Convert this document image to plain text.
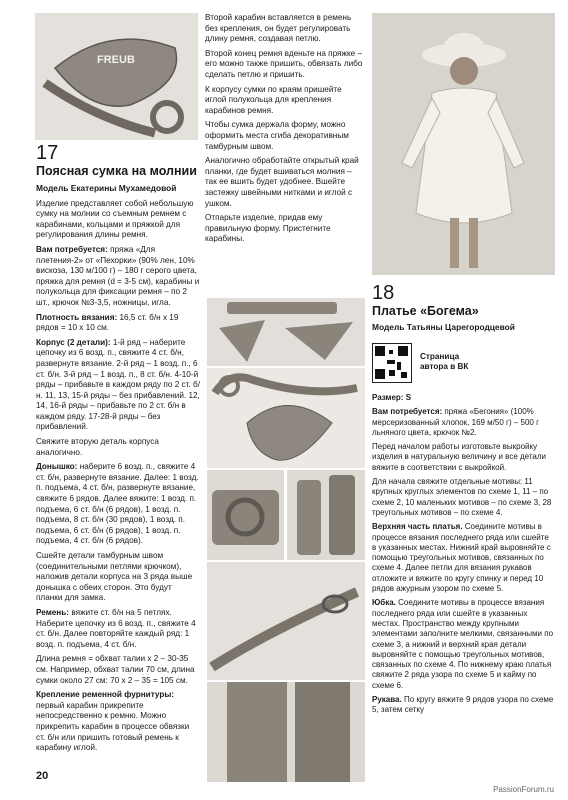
FREUB
Страница
автора в ВК
17
Поясная сумка на молнии
Модель Екатерины Мухамедовой

Изделие представляет собой небольшую сумку на молнии со съемным ремнем с карабинами, кольцами и пряжкой для регулирования длины ремня.

Вам потребуется: пряжа «Для плетения-2» от «Пехорки» (90% лен, 10% вискоза, 130 м/100 г) – 180 г серого цвета, пряжка для ремня (d = 3-5 см), карабины и полукольца для фиксации ремня – по 2 шт., крючок №3-3,5, ножницы, игла.

Плотность вязания: 16,5 ст. б/н х 19 рядов = 10 х 10 см.

Корпус (2 детали): 1-й ряд – наберите цепочку из 6 возд. п., свяжите 4 ст. б/н, развернуте вязание. 2-й ряд – 1 возд. п., 6 ст. б/н. 3-й ряд – 1 возд. п., 8 ст. б/н. 4-10-й ряды – прибавьте в каждом ряду по 2 ст. б/н. 11, 13, 15-й ряды – без прибавлений. 12, 14, 16-й ряды – прибавьте по 2 ст. б/н в каждом ряду. 17-28-й ряды – без прибавлений.

Свяжите вторую деталь корпуса аналогично.

Донышко: наберите 6 возд. п., свяжите 4 ст. б/н, развернуте вязание. Далее: 1 возд. п. подъема, 4 ст. б/н, развернуте вязание, свяжите 6 рядов. Далее вяжите: 1 возд. п. подъема, 6 ст. б/н (6 рядов), 1 возд. п. подъема, 8 ст. б/н (30 рядов), 1 возд. п. подъема, 6 ст. б/н (6 рядов), 1 возд. п. подъема, 4 ст. б/н (6 рядов).

Сшейте детали тамбурным швом (соединительными петлями крючком), наложив детали корпуса на 3 ряда выше донышка с обеих сторон. Это будут планки для замка.

Ремень: вяжите ст. б/н на 5 петлях. Наберите цепочку из 6 возд. п., свяжите 4 ст. б/н. Далее повторяйте каждый ряд: 1 возд. п. подъема, 4 ст. б/н.

Длина ремня = обхват талии х 2 – 30-35 см. Например, обхват талии 70 см, длина сумки около 27 см: 70 х 2 – 35 = 105 см.

Крепление ременной фурнитуры: первый карабин прикрепите непосредственно к ремню. Можно прикрепить карабин в процессе обвязки ст. б/н или пришить готовый ремень к карабину иглой.

Второй карабин вставляется в ремень без крепления, он будет регулировать длину ремня, создавая петлю.

Второй конец ремня вденьте на пряжке – его можно также пришить, обвязать либо сделать петлю и пришить.

К корпусу сумки по краям пришейте иглой полукольца для крепления карабинов ремня.

Чтобы сумка держала форму, можно оформить места сгиба декоративным тамбурным швом.

Аналогично обработайте открытый край планки, где будет вшиваться молния – так ее вшить будет удобнее. Вшейте застежку швейными нитками и иглой с ушком.

Отпарьте изделие, придав ему правильную форму. Пристегните карабины.

18
Платье «Богема»
Модель Татьяны Царегородцевой

Размер: S

Вам потребуется: пряжа «Бегония» (100% мерсеризованный хлопок, 169 м/50 г) – 500 г льняного цвета, крючок №2.

Перед началом работы изготовьте выкройку изделия в натуральную величину и все детали вяжите в соответствии с выкройкой.

Для начала свяжите отдельные мотивы: 11 крупных круглых элементов по схеме 1, 11 – по схеме 2, 10 маленьких мотивов – по схеме 3, 28 треугольных мотивов – по схеме 4.

Верхняя часть платья. Соедините мотивы в процессе вязания последнего ряда или сшейте в указанных местах. Нижний край выровняйте с помощью треугольных мотивов, связанных по схеме 4. Далее петли для вязания рукавов отложите и вяжите по кругу спинку и перед 10 рядов ажурным узором по схеме 5.

Юбка. Соедините мотивы в процессе вязания последнего ряда или сшейте в указанных местах. Пространство между крупными элементами заполните мелкими, связанными по схеме 3, а нижний и верхний края детали выровняйте с помощью треугольных мотивов, связанных по схеме 4. По нижнему краю платья свяжите 2 ряда узора по схеме 5 и кайму по схеме 6.

Рукава. По кругу вяжите 9 рядов узора по схеме 5, затем сетку

20
PassionForum.ru
